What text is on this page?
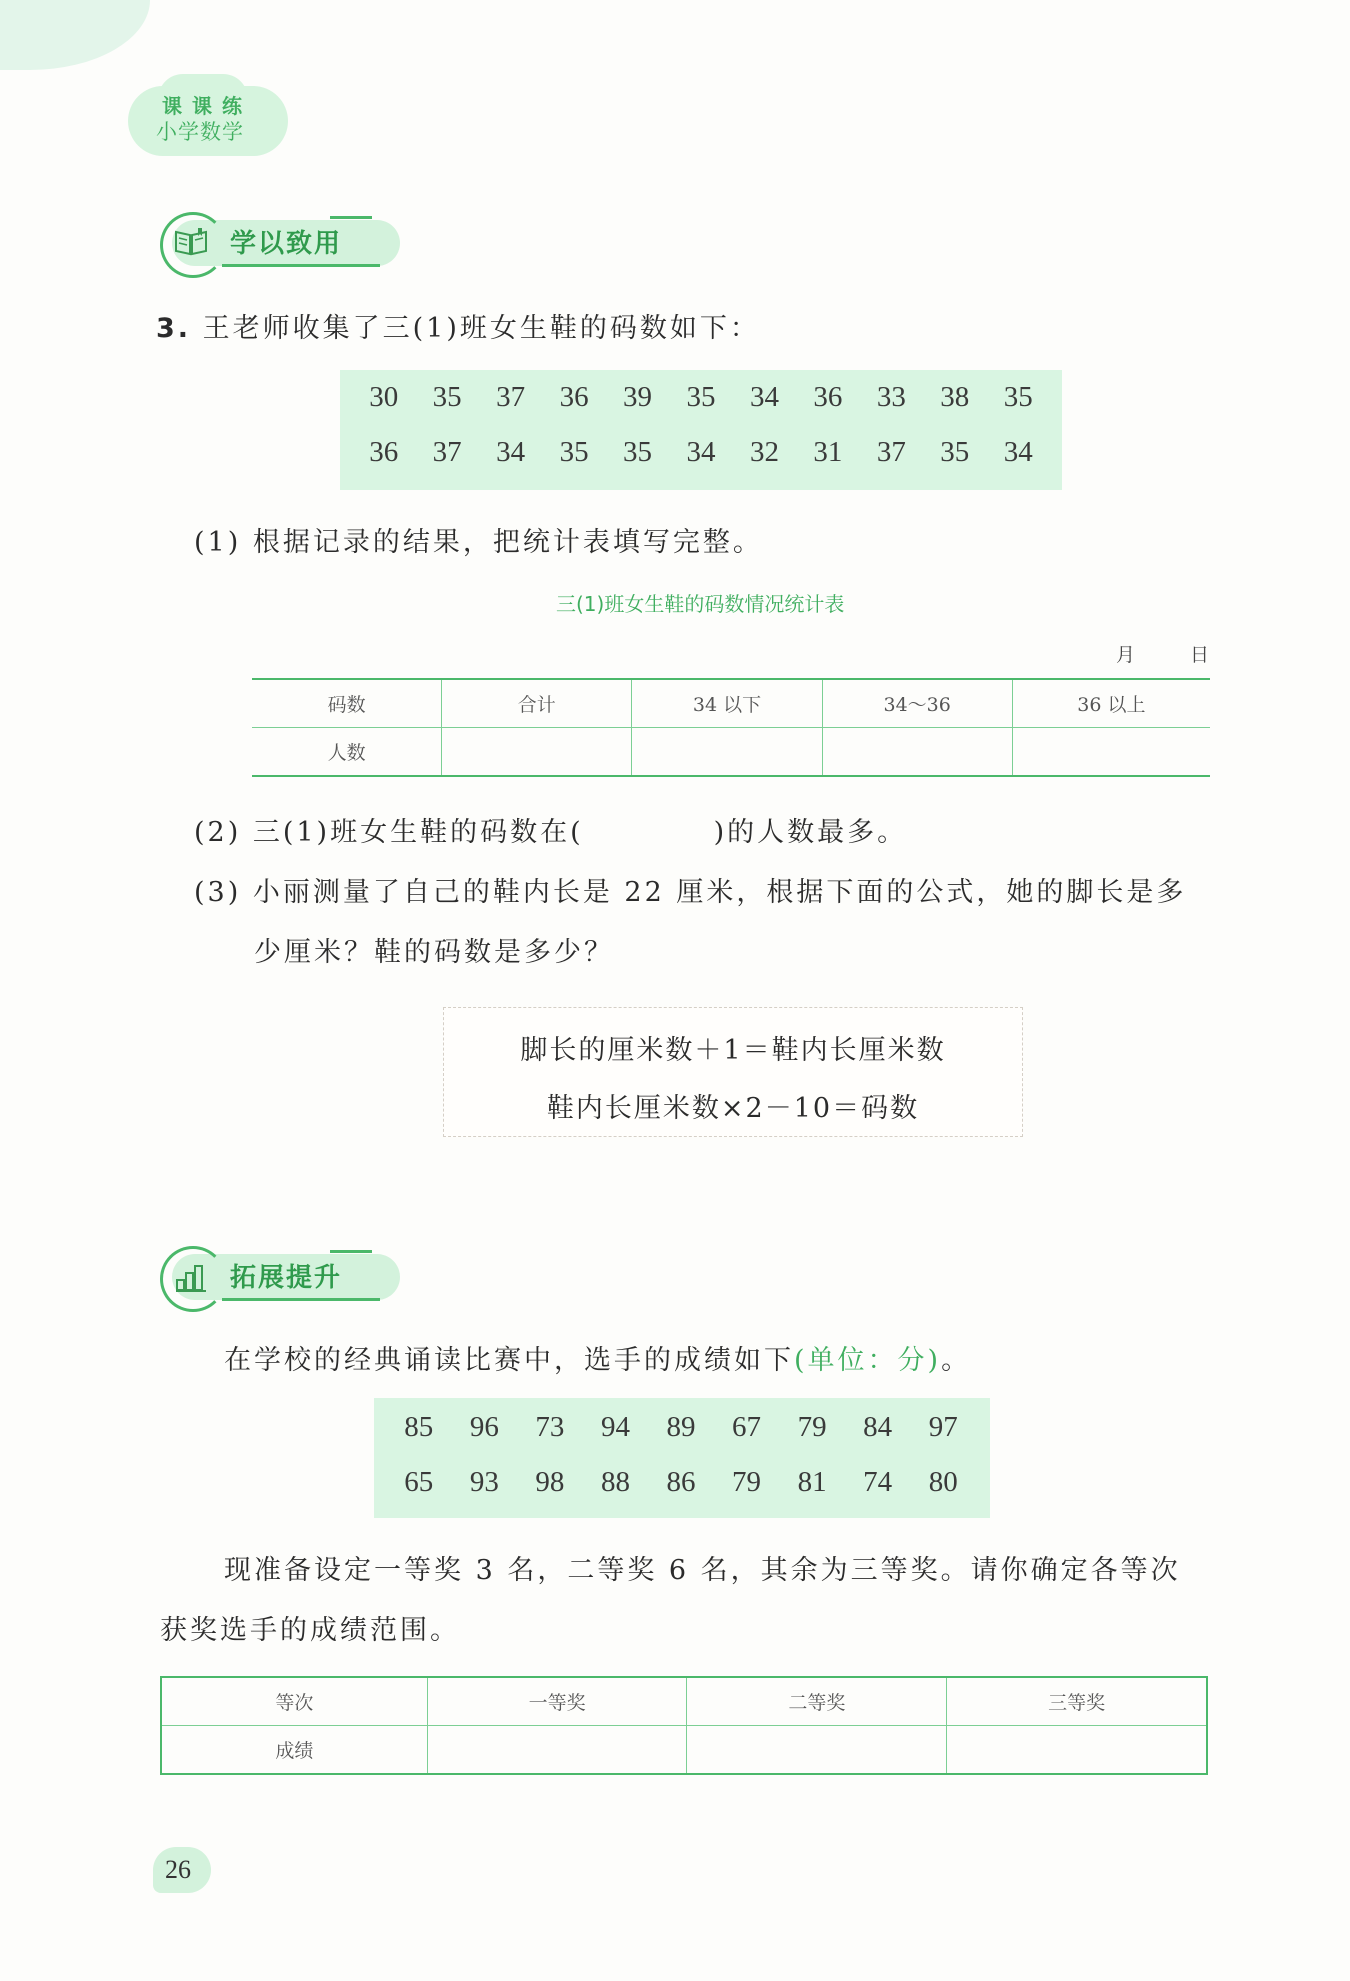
课课练
小学数学
学以致用
3. 王老师收集了三(1)班女生鞋的码数如下：
30	35	37	36	39	35	34	36	33	38	35
36	37	34	35	35	34	32	31	37	35	34
(1) 根据记录的结果，把统计表填写完整。
三(1)班女生鞋的码数情况统计表
月	日
码数	合计	34 以下	34～36	36 以上
人数				
(2) 三(1)班女生鞋的码数在(	)的人数最多。
(3) 小丽测量了自己的鞋内长是 22 厘米，根据下面的公式，她的脚长是多
少厘米？鞋的码数是多少？
脚长的厘米数＋1＝鞋内长厘米数
鞋内长厘米数×2－10＝码数
拓展提升
在学校的经典诵读比赛中，选手的成绩如下(单位：分)。
85	96	73	94	89	67	79	84	97
65	93	98	88	86	79	81	74	80
现准备设定一等奖 3 名，二等奖 6 名，其余为三等奖。请你确定各等次
获奖选手的成绩范围。
等次	一等奖	二等奖	三等奖
成绩			
26
